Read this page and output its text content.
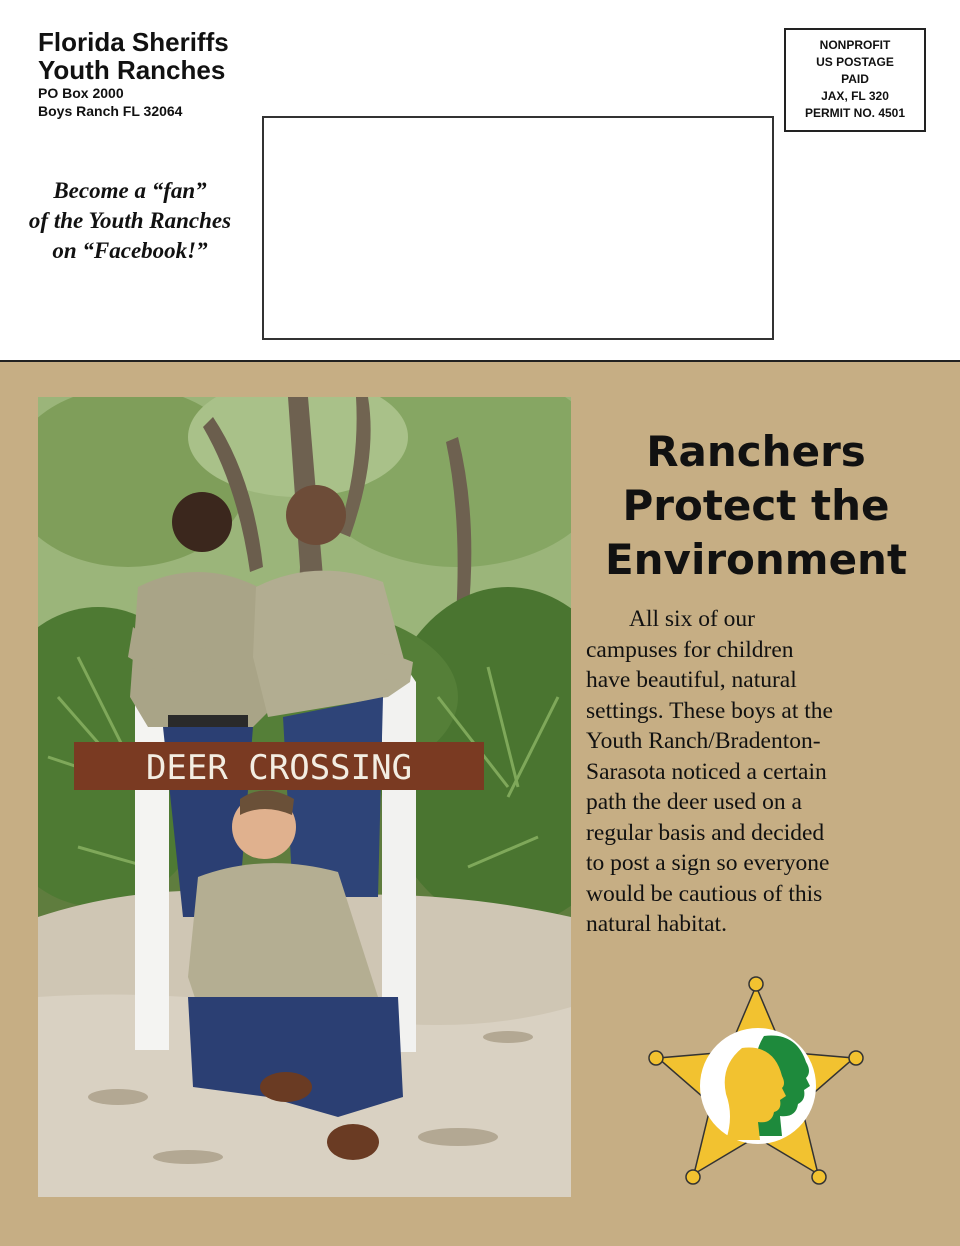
Florida Sheriffs
Youth Ranches
PO Box 2000
Boys Ranch FL 32064
Become a “fan”
of the Youth Ranches
on “Facebook!”
NONPROFIT
US POSTAGE
PAID
JAX, FL 320
PERMIT NO. 4501
DEER CROSSING
Ranchers
Protect the
Environment
All six of our
campuses for children
have beautiful, natural
settings. These boys at the
Youth Ranch/Bradenton-
Sarasota noticed a certain
path the deer used on a
regular basis and decided
to post a sign so everyone
would be cautious of this
natural habitat.
